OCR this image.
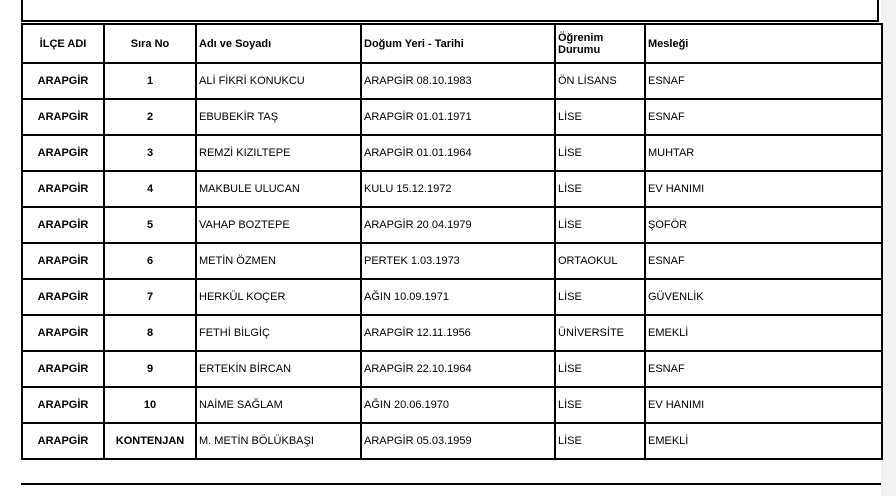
İLÇE ADI	Sıra No	Adı ve Soyadı	Doğum Yeri - Tarihi	Öğrenim Durumu	Mesleği
ARAPGİR	1	ALİ FİKRİ KONUKCU	ARAPGİR 08.10.1983	ÖN LİSANS	ESNAF
ARAPGİR	2	EBUBEKİR TAŞ	ARAPGİR 01.01.1971	LİSE	ESNAF
ARAPGİR	3	REMZİ KIZILTEPE	ARAPGİR 01.01.1964	LİSE	MUHTAR
ARAPGİR	4	MAKBULE ULUCAN	KULU 15.12.1972	LİSE	EV HANIMI
ARAPGİR	5	VAHAP BOZTEPE	ARAPGİR 20 04.1979	LİSE	ŞOFÖR
ARAPGİR	6	METİN ÖZMEN	PERTEK 1.03.1973	ORTAOKUL	ESNAF
ARAPGİR	7	HERKÜL KOÇER	AĞIN 10.09.1971	LİSE	GÜVENLİK
ARAPGİR	8	FETHİ BİLGİÇ	ARAPGİR 12.11.1956	ÜNİVERSİTE	EMEKLİ
ARAPGİR	9	ERTEKİN BİRCAN	ARAPGİR 22.10.1964	LİSE	ESNAF
ARAPGİR	10	NAİME SAĞLAM	AĞIN 20.06.1970	LİSE	EV HANIMI
ARAPGİR	KONTENJAN	M. METİN BÖLÜKBAŞI	ARAPGİR 05.03.1959	LİSE	EMEKLİ
